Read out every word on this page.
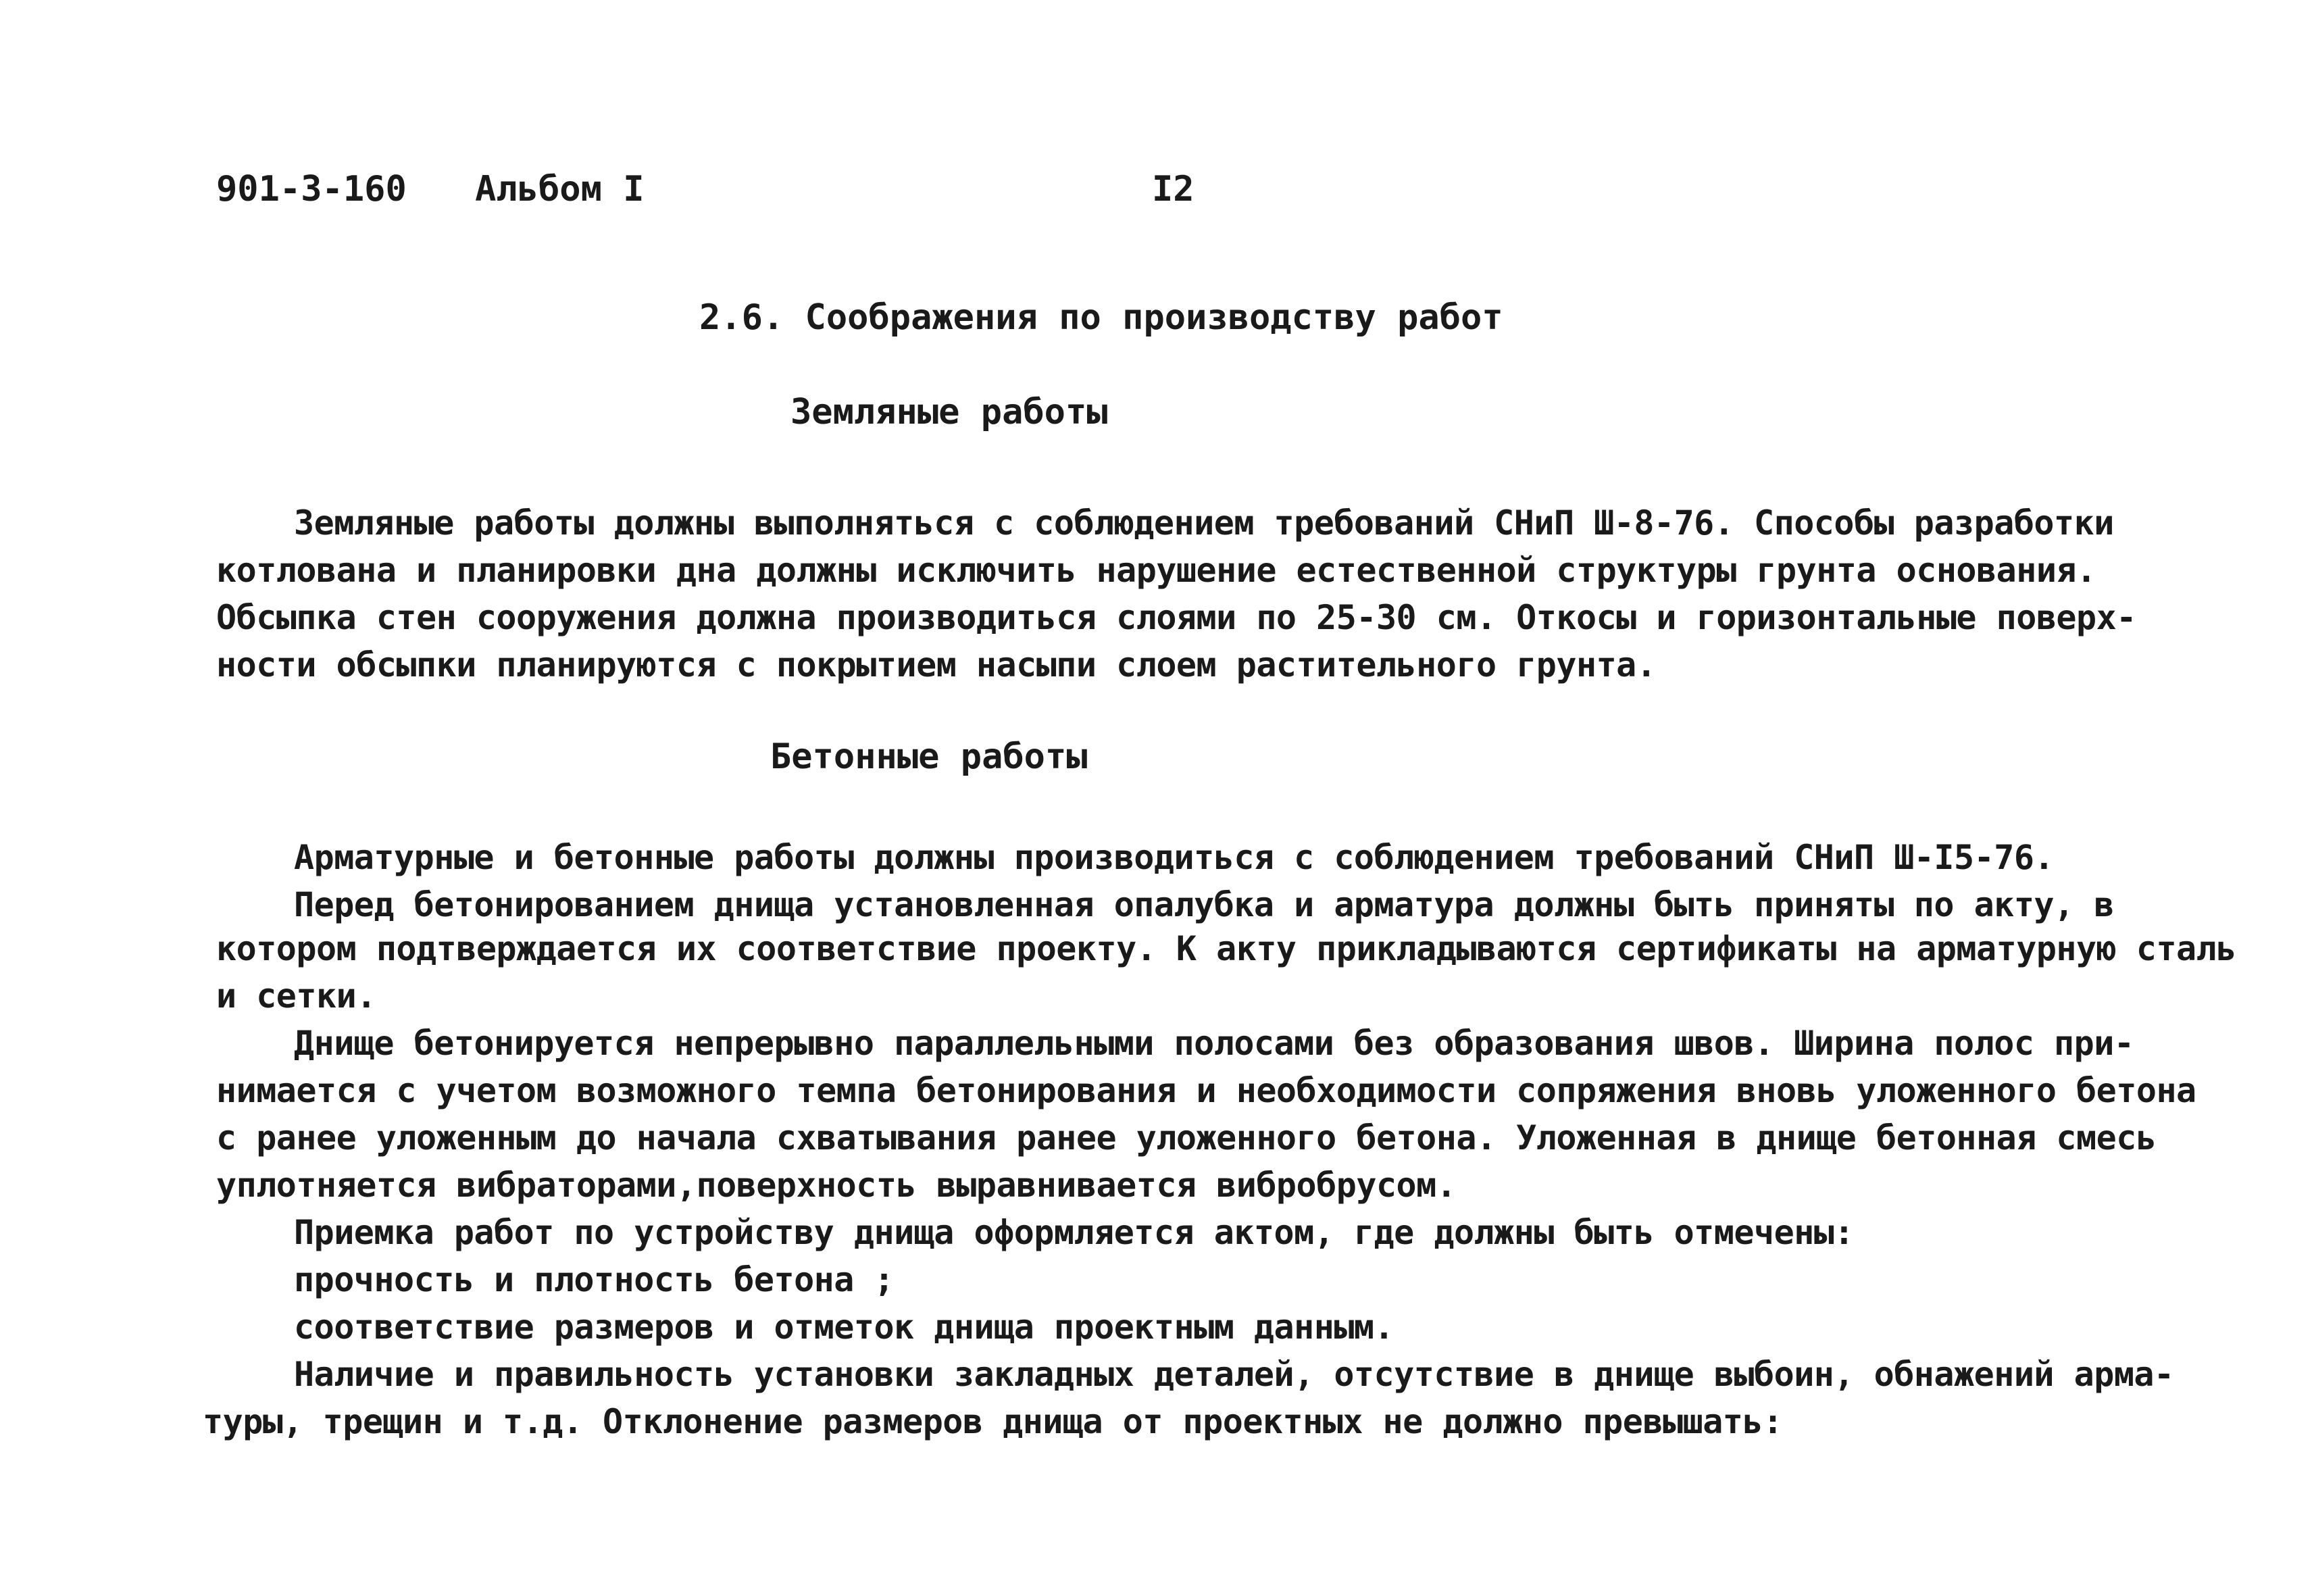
901-3-160 Альбом I	I2
2.6. Соображения по производству работ
Земляные работы
Земляные работы должны выполняться с соблюдением требований СНиП Ш-8-76. Способы разработки
котлована и планировки дна должны исключить нарушение естественной структуры грунта основания.
Обсыпка стен сооружения должна производиться слоями по 25-30 см. Откосы и горизонтальные поверх-
ности обсыпки планируются с покрытием насыпи слоем растительного грунта.
Бетонные работы
Арматурные и бетонные работы должны производиться с соблюдением требований СНиП Ш-I5-76.
Перед бетонированием днища установленная опалубка и арматура должны быть приняты по акту, в
котором подтверждается их соответствие проекту. К акту прикладываются сертификаты на арматурную сталь
и сетки.
Днище бетонируется непрерывно параллельными полосами без образования швов. Ширина полос при-
нимается с учетом возможного темпа бетонирования и необходимости сопряжения вновь уложенного бетона
с ранее уложенным до начала схватывания ранее уложенного бетона. Уложенная в днище бетонная смесь
уплотняется вибраторами,поверхность выравнивается вибробрусом.
Приемка работ по устройству днища оформляется актом, где должны быть отмечены:
прочность и плотность бетона ;
соответствие размеров и отметок днища проектным данным.
Наличие и правильность установки закладных деталей, отсутствие в днище выбоин, обнажений арма-
туры, трещин и т.д. Отклонение размеров днища от проектных не должно превышать:
